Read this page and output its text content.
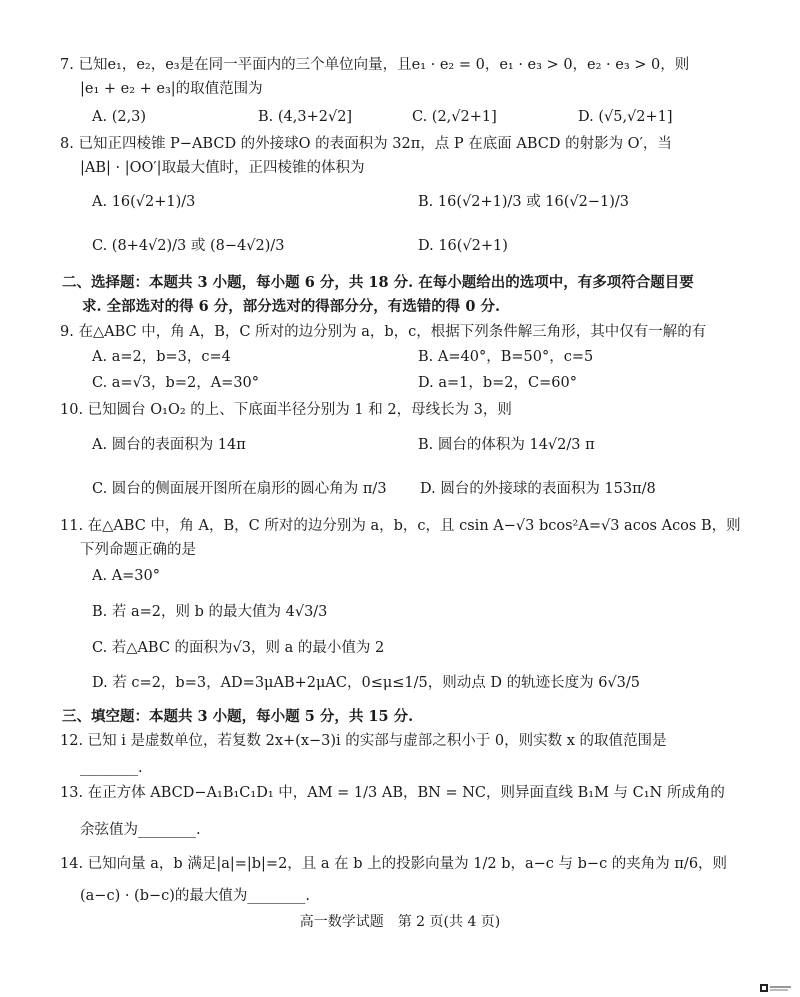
7. 已知e₁，e₂，e₃是在同一平面内的三个单位向量，且e₁ · e₂ = 0，e₁ · e₃ > 0，e₂ · e₃ > 0，则
|e₁ + e₂ + e₃|的取值范围为
A. (2,3)	B. (4,3+2√2]	C. (2,√2+1]	D. (√5,√2+1]
8. 已知正四棱锥 P−ABCD 的外接球O 的表面积为 32π，点 P 在底面 ABCD 的射影为 O′，当
|AB| · |OO′|取最大值时，正四棱锥的体积为
A. 16(√2+1)/3	B. 16(√2+1)/3 或 16(√2−1)/3
C. (8+4√2)/3 或 (8−4√2)/3	D. 16(√2+1)
二、选择题：本题共 3 小题，每小题 6 分，共 18 分. 在每小题给出的选项中，有多项符合题目要
求. 全部选对的得 6 分，部分选对的得部分分，有选错的得 0 分.
9. 在△ABC 中，角 A，B，C 所对的边分别为 a，b，c，根据下列条件解三角形，其中仅有一解的有
A. a=2，b=3，c=4	B. A=40°，B=50°，c=5
C. a=√3，b=2，A=30°	D. a=1，b=2，C=60°
10. 已知圆台 O₁O₂ 的上、下底面半径分别为 1 和 2，母线长为 3，则
A. 圆台的表面积为 14π	B. 圆台的体积为 14√2/3 π
C. 圆台的侧面展开图所在扇形的圆心角为 π/3 D. 圆台的外接球的表面积为 153π/8
11. 在△ABC 中，角 A，B，C 所对的边分别为 a，b，c，且 csin A−√3 bcos²A=√3 acos Acos B，则
下列命题正确的是
A. A=30°
B. 若 a=2，则 b 的最大值为 4√3/3
C. 若△ABC 的面积为√3，则 a 的最小值为 2
D. 若 c=2，b=3，AD=3μAB+2μAC，0≤μ≤1/5，则动点 D 的轨迹长度为 6√3/5
三、填空题：本题共 3 小题，每小题 5 分，共 15 分.
12. 已知 i 是虚数单位，若复数 2x+(x−3)i 的实部与虚部之积小于 0，则实数 x 的取值范围是
________.
13. 在正方体 ABCD−A₁B₁C₁D₁ 中，AM = 1/3 AB，BN = NC，则异面直线 B₁M 与 C₁N 所成角的
余弦值为________.
14. 已知向量 a，b 满足|a|=|b|=2，且 a 在 b 上的投影向量为 1/2 b，a−c 与 b−c 的夹角为 π/6，则
(a−c) · (b−c)的最大值为________.
高一数学试题　第 2 页(共 4 页)
